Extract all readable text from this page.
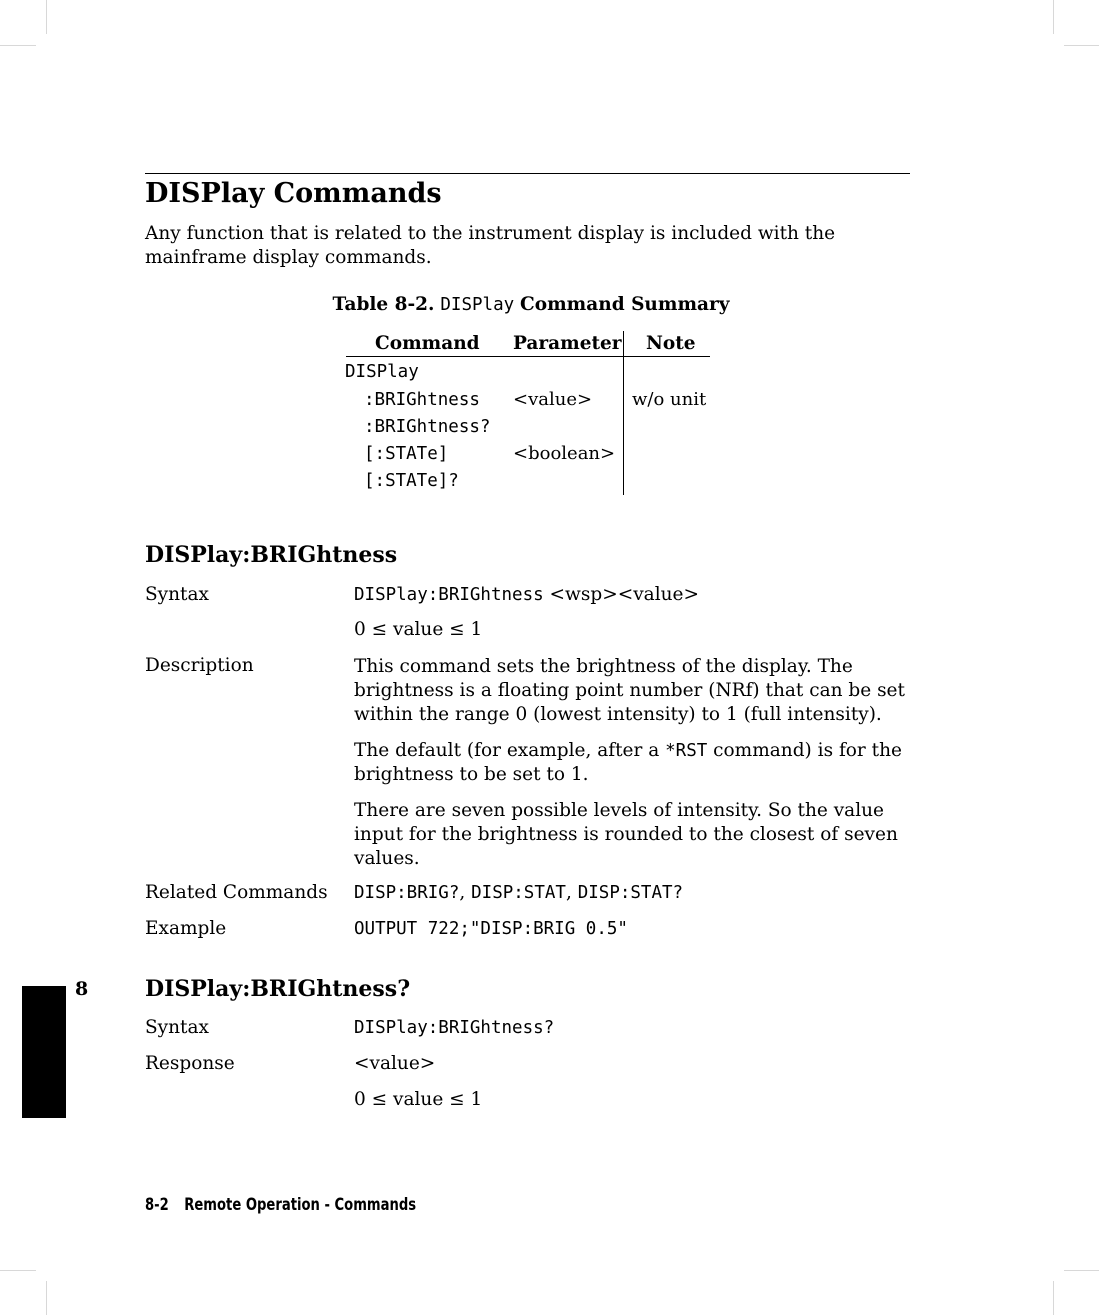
DISPlay Commands
Any function that is related to the instrument display is included with the mainframe display commands.
Table 8-2. DISPlay Command Summary
Command Parameter Note
DISPlay
:BRIGhtness <value> w/o unit
:BRIGhtness?
[:STATe]	<boolean>
[:STATe]?
DISPlay:BRIGhtness
Syntax	DISPlay:BRIGhtness <wsp><value>
0 ≤ value ≤ 1
Description	This command sets the brightness of the display. The brightness is a floating point number (NRf) that can be set within the range 0 (lowest intensity) to 1 (full intensity).
The default (for example, after a *RST command) is for the brightness to be set to 1.
There are seven possible levels of intensity. So the value input for the brightness is rounded to the closest of seven values.
Related Commands DISP:BRIG?, DISP:STAT, DISP:STAT?
Example	OUTPUT 722;"DISP:BRIG 0.5"
8	DISPlay:BRIGhtness?
Syntax	DISPlay:BRIGhtness?
Response	<value>
0 ≤ value ≤ 1
8-2 Remote Operation - Commands
